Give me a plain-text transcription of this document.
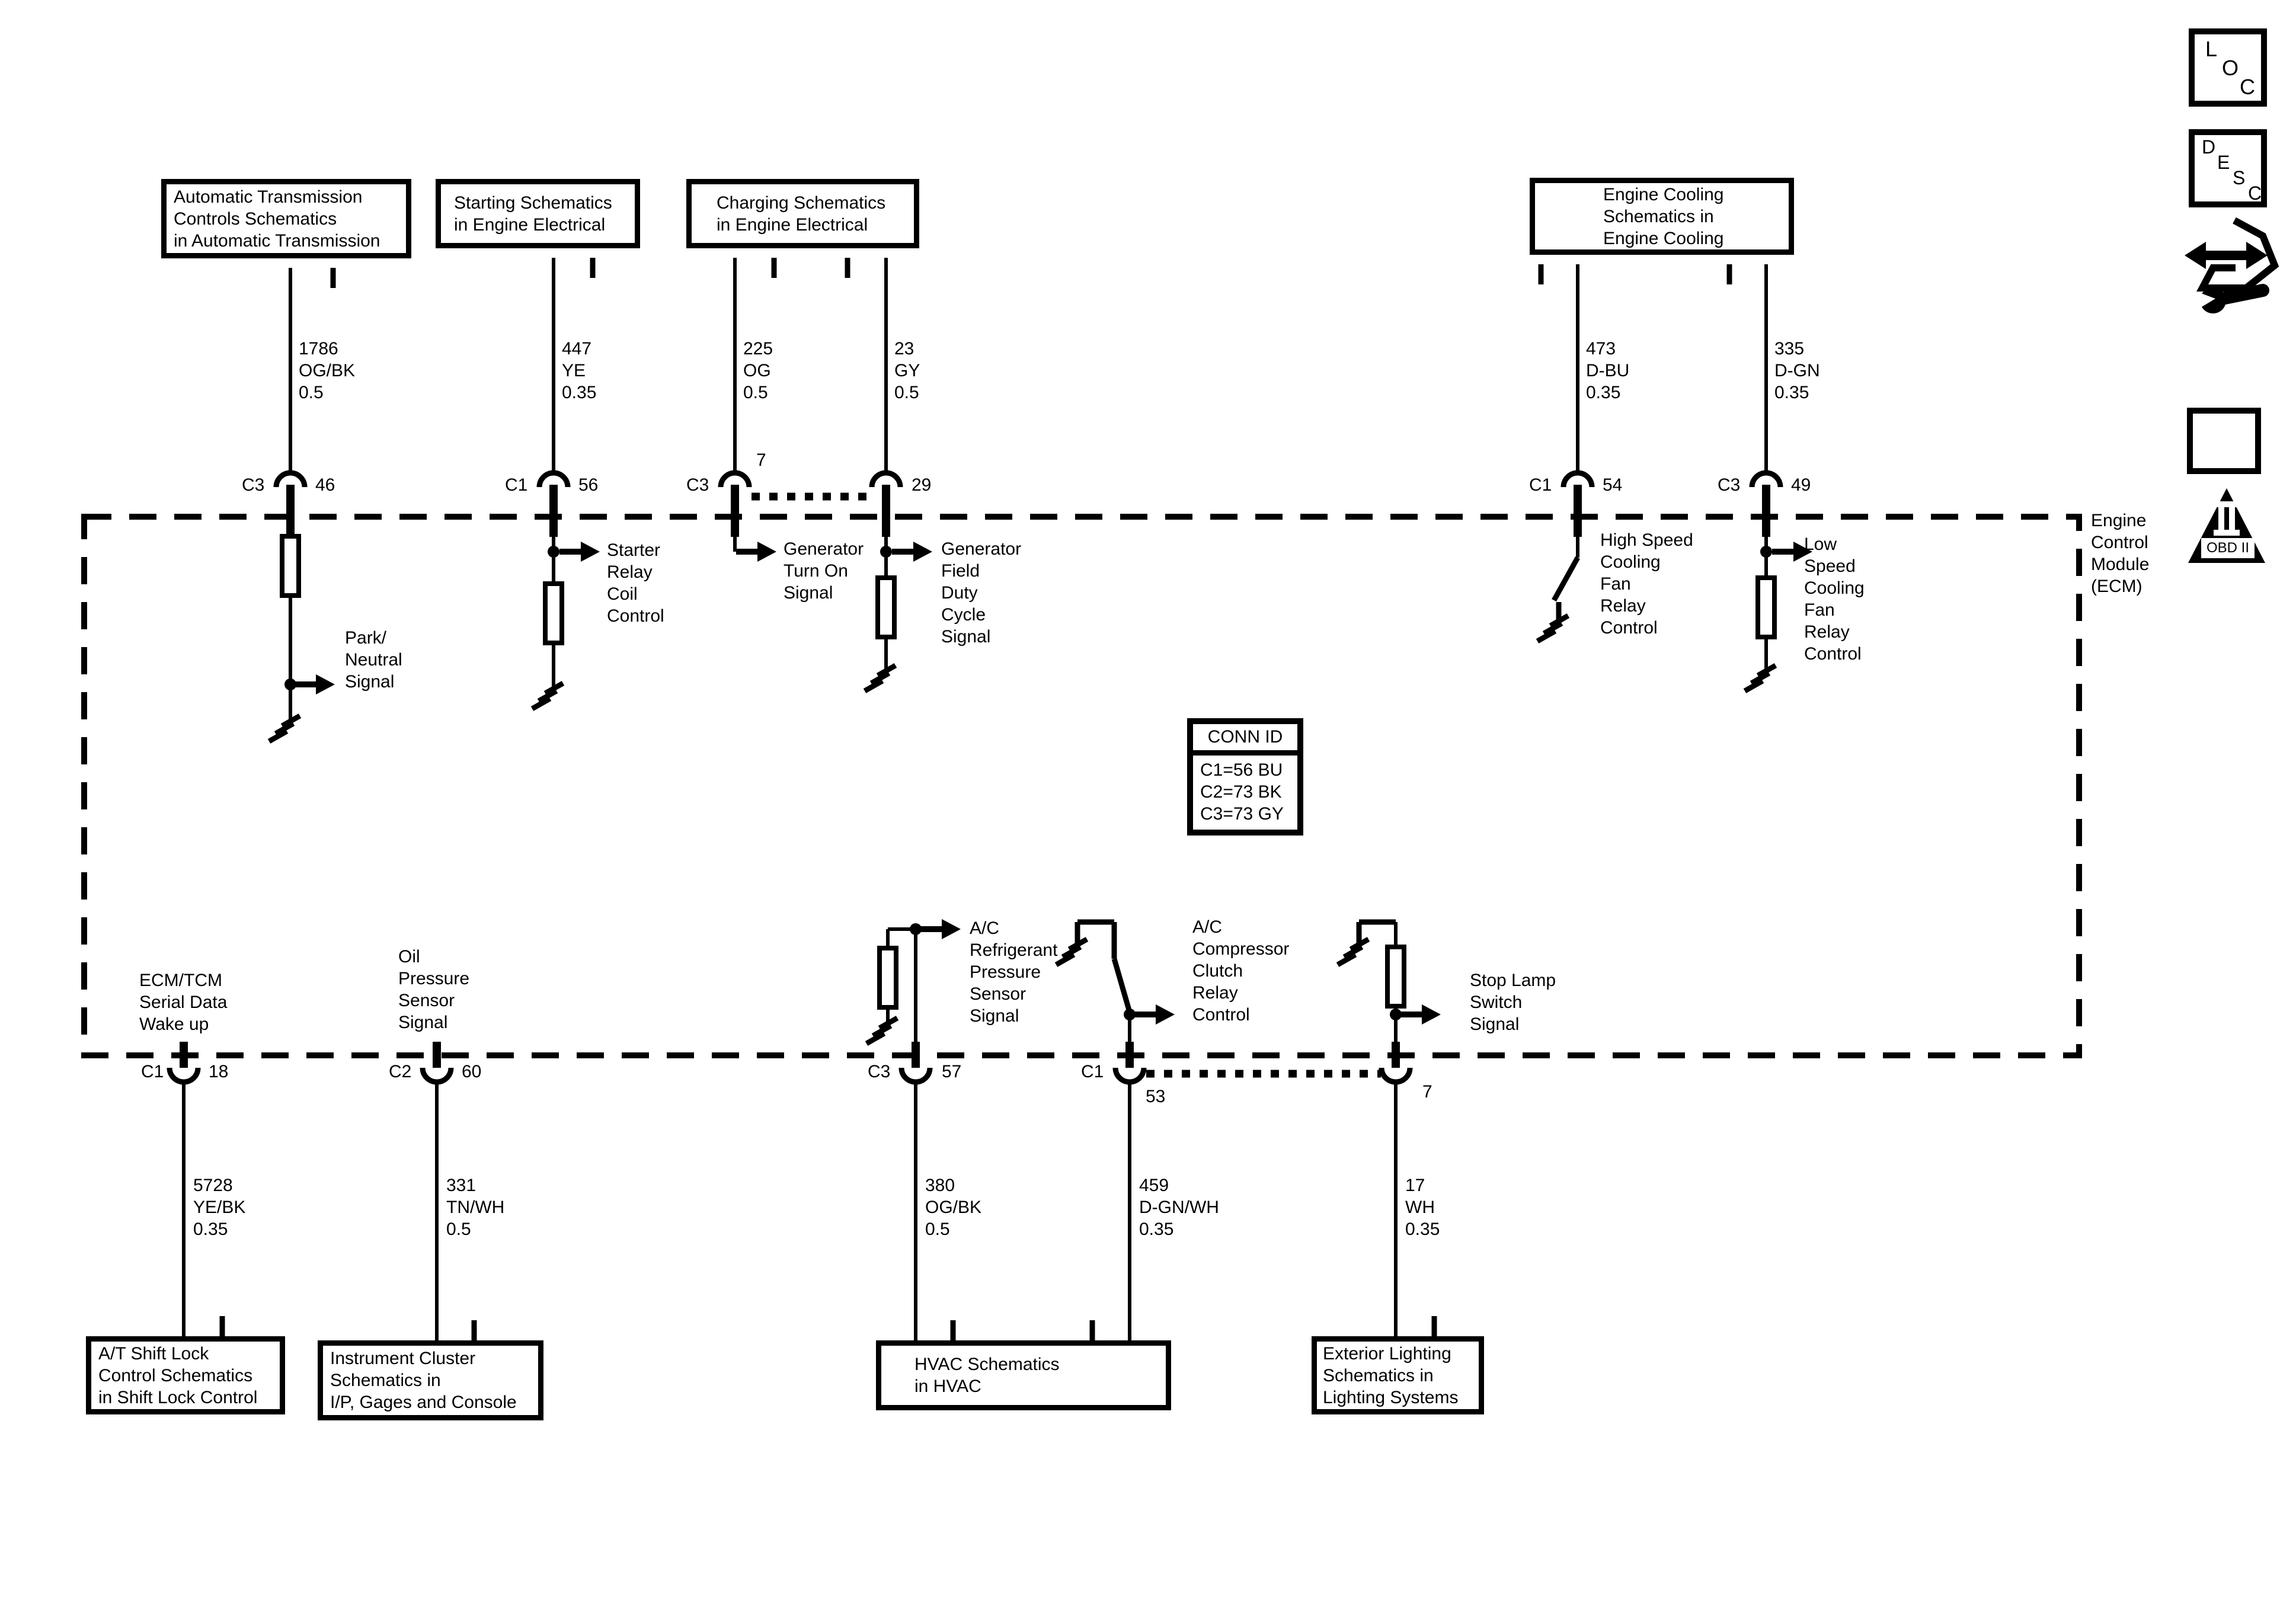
Automatic Transmission
Controls Schematics
in Automatic Transmission
Starting Schematics
in Engine Electrical
Charging Schematics
in Engine Electrical
Engine Cooling
Schematics in
Engine Cooling
1786
OG/BK
0.5
447
YE
0.35
225
OG
0.5
23
GY
0.5
473
D-BU
0.35
335
D-GN
0.35
C3	46	C1	56	C3
7
29	C1	54	C3	49
Park/
Neutral
Signal
Starter
Relay
Coil
Control
Generator
Turn On
Signal
Generator
Field
Duty
Cycle
Signal
High Speed
Cooling
Fan
Relay
Control
Low
Speed
Cooling
Fan
Relay
Control
Engine
Control
Module
(ECM)
CONN ID
C1=56 BU
C2=73 BK
C3=73 GY
ECM/TCM
Serial Data
Wake up
Oil
Pressure
Sensor
Signal
A/C
Refrigerant
Pressure
Sensor
Signal
A/C
Compressor
Clutch
Relay
Control
Stop Lamp
Switch
Signal
C1	18	C2	60	C3	57	C1
53	7
5728
YE/BK
0.35
331
TN/WH
0.5
380
OG/BK
0.5
459
D-GN/WH
0.35
17
WH
0.35
A/T Shift Lock
Control Schematics
in Shift Lock Control
Instrument Cluster
Schematics in
I/P, Gages and Console
HVAC Schematics
in HVAC
Exterior Lighting
Schematics in
Lighting Systems
L
O
C
D
E
S
C
OBD II
